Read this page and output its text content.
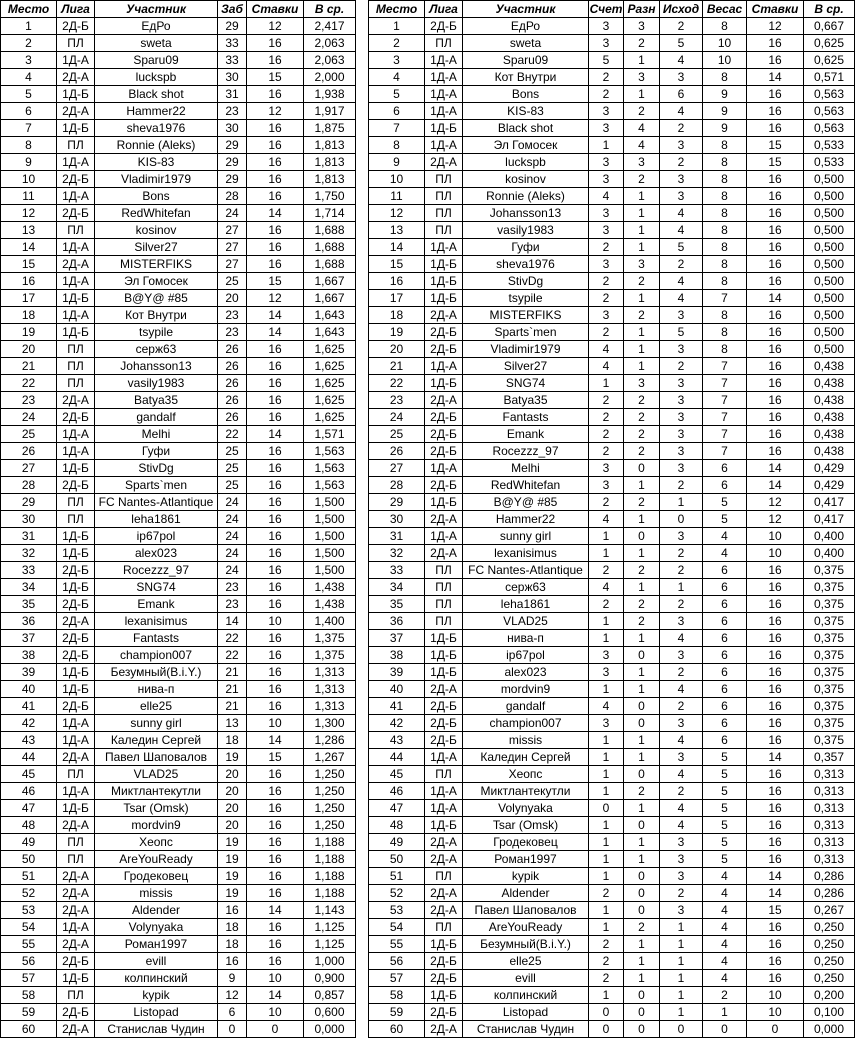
Место	Лига	Участник	Заб	Ставки	В ср.
1	2Д-Б	ЕдРо	29	12	2,417
2	ПЛ	sweta	33	16	2,063
3	1Д-А	Sparu09	33	16	2,063
4	2Д-А	luckspb	30	15	2,000
5	1Д-Б	Black shot	31	16	1,938
6	2Д-А	Hammer22	23	12	1,917
7	1Д-Б	sheva1976	30	16	1,875
8	ПЛ	Ronnie (Aleks)	29	16	1,813
9	1Д-А	KIS-83	29	16	1,813
10	2Д-Б	Vladimir1979	29	16	1,813
11	1Д-А	Bons	28	16	1,750
12	2Д-Б	RedWhitefan	24	14	1,714
13	ПЛ	kosinov	27	16	1,688
14	1Д-А	Silver27	27	16	1,688
15	2Д-А	MISTERFIKS	27	16	1,688
16	1Д-А	Эл Гомосек	25	15	1,667
17	1Д-Б	B@Y@ #85	20	12	1,667
18	1Д-А	Кот Внутри	23	14	1,643
19	1Д-Б	tsypile	23	14	1,643
20	ПЛ	серж63	26	16	1,625
21	ПЛ	Johansson13	26	16	1,625
22	ПЛ	vasily1983	26	16	1,625
23	2Д-А	Batya35	26	16	1,625
24	2Д-Б	gandalf	26	16	1,625
25	1Д-А	Melhi	22	14	1,571
26	1Д-А	Гуфи	25	16	1,563
27	1Д-Б	StivDg	25	16	1,563
28	2Д-Б	Sparts`men	25	16	1,563
29	ПЛ	FC Nantes-Atlantique	24	16	1,500
30	ПЛ	leha1861	24	16	1,500
31	1Д-Б	ip67pol	24	16	1,500
32	1Д-Б	alex023	24	16	1,500
33	2Д-Б	Rocezzz_97	24	16	1,500
34	1Д-Б	SNG74	23	16	1,438
35	2Д-Б	Emank	23	16	1,438
36	2Д-А	lexanisimus	14	10	1,400
37	2Д-Б	Fantasts	22	16	1,375
38	2Д-Б	champion007	22	16	1,375
39	1Д-Б	Безумный(B.i.Y.)	21	16	1,313
40	1Д-Б	нива-п	21	16	1,313
41	2Д-Б	elle25	21	16	1,313
42	1Д-А	sunny girl	13	10	1,300
43	1Д-А	Каледин Сергей	18	14	1,286
44	2Д-А	Павел Шаповалов	19	15	1,267
45	ПЛ	VLAD25	20	16	1,250
46	1Д-А	Миктлантекутли	20	16	1,250
47	1Д-Б	Tsar (Omsk)	20	16	1,250
48	2Д-А	mordvin9	20	16	1,250
49	ПЛ	Хеопс	19	16	1,188
50	ПЛ	AreYouReady	19	16	1,188
51	2Д-А	Гродековец	19	16	1,188
52	2Д-А	missis	19	16	1,188
53	2Д-А	Aldender	16	14	1,143
54	1Д-А	Volynyaka	18	16	1,125
55	2Д-А	Роман1997	18	16	1,125
56	2Д-Б	evill	16	16	1,000
57	1Д-Б	колпинский	9	10	0,900
58	ПЛ	kypik	12	14	0,857
59	2Д-Б	Listopad	6	10	0,600
60	2Д-А	Станислав Чудин	0	0	0,000
Место	Лига	Участник	Счет	Разн	Исход	Веcас	Ставки	В ср.
1	2Д-Б	ЕдРо	3	3	2	8	12	0,667
2	ПЛ	sweta	3	2	5	10	16	0,625
3	1Д-А	Sparu09	5	1	4	10	16	0,625
4	1Д-А	Кот Внутри	2	3	3	8	14	0,571
5	1Д-А	Bons	2	1	6	9	16	0,563
6	1Д-А	KIS-83	3	2	4	9	16	0,563
7	1Д-Б	Black shot	3	4	2	9	16	0,563
8	1Д-А	Эл Гомосек	1	4	3	8	15	0,533
9	2Д-А	luckspb	3	3	2	8	15	0,533
10	ПЛ	kosinov	3	2	3	8	16	0,500
11	ПЛ	Ronnie (Aleks)	4	1	3	8	16	0,500
12	ПЛ	Johansson13	3	1	4	8	16	0,500
13	ПЛ	vasily1983	3	1	4	8	16	0,500
14	1Д-А	Гуфи	2	1	5	8	16	0,500
15	1Д-Б	sheva1976	3	3	2	8	16	0,500
16	1Д-Б	StivDg	2	2	4	8	16	0,500
17	1Д-Б	tsypile	2	1	4	7	14	0,500
18	2Д-А	MISTERFIKS	3	2	3	8	16	0,500
19	2Д-Б	Sparts`men	2	1	5	8	16	0,500
20	2Д-Б	Vladimir1979	4	1	3	8	16	0,500
21	1Д-А	Silver27	4	1	2	7	16	0,438
22	1Д-Б	SNG74	1	3	3	7	16	0,438
23	2Д-А	Batya35	2	2	3	7	16	0,438
24	2Д-Б	Fantasts	2	2	3	7	16	0,438
25	2Д-Б	Emank	2	2	3	7	16	0,438
26	2Д-Б	Rocezzz_97	2	2	3	7	16	0,438
27	1Д-А	Melhi	3	0	3	6	14	0,429
28	2Д-Б	RedWhitefan	3	1	2	6	14	0,429
29	1Д-Б	B@Y@ #85	2	2	1	5	12	0,417
30	2Д-А	Hammer22	4	1	0	5	12	0,417
31	1Д-А	sunny girl	1	0	3	4	10	0,400
32	2Д-А	lexanisimus	1	1	2	4	10	0,400
33	ПЛ	FC Nantes-Atlantique	2	2	2	6	16	0,375
34	ПЛ	серж63	4	1	1	6	16	0,375
35	ПЛ	leha1861	2	2	2	6	16	0,375
36	ПЛ	VLAD25	1	2	3	6	16	0,375
37	1Д-Б	нива-п	1	1	4	6	16	0,375
38	1Д-Б	ip67pol	3	0	3	6	16	0,375
39	1Д-Б	alex023	3	1	2	6	16	0,375
40	2Д-А	mordvin9	1	1	4	6	16	0,375
41	2Д-Б	gandalf	4	0	2	6	16	0,375
42	2Д-Б	champion007	3	0	3	6	16	0,375
43	2Д-Б	missis	1	1	4	6	16	0,375
44	1Д-А	Каледин Сергей	1	1	3	5	14	0,357
45	ПЛ	Хеопс	1	0	4	5	16	0,313
46	1Д-А	Миктлантекутли	1	2	2	5	16	0,313
47	1Д-А	Volynyaka	0	1	4	5	16	0,313
48	1Д-Б	Tsar (Omsk)	1	0	4	5	16	0,313
49	2Д-А	Гродековец	1	1	3	5	16	0,313
50	2Д-А	Роман1997	1	1	3	5	16	0,313
51	ПЛ	kypik	1	0	3	4	14	0,286
52	2Д-А	Aldender	2	0	2	4	14	0,286
53	2Д-А	Павел Шаповалов	1	0	3	4	15	0,267
54	ПЛ	AreYouReady	1	2	1	4	16	0,250
55	1Д-Б	Безумный(B.i.Y.)	2	1	1	4	16	0,250
56	2Д-Б	elle25	2	1	1	4	16	0,250
57	2Д-Б	evill	2	1	1	4	16	0,250
58	1Д-Б	колпинский	1	0	1	2	10	0,200
59	2Д-Б	Listopad	0	0	1	1	10	0,100
60	2Д-А	Станислав Чудин	0	0	0	0	0	0,000
